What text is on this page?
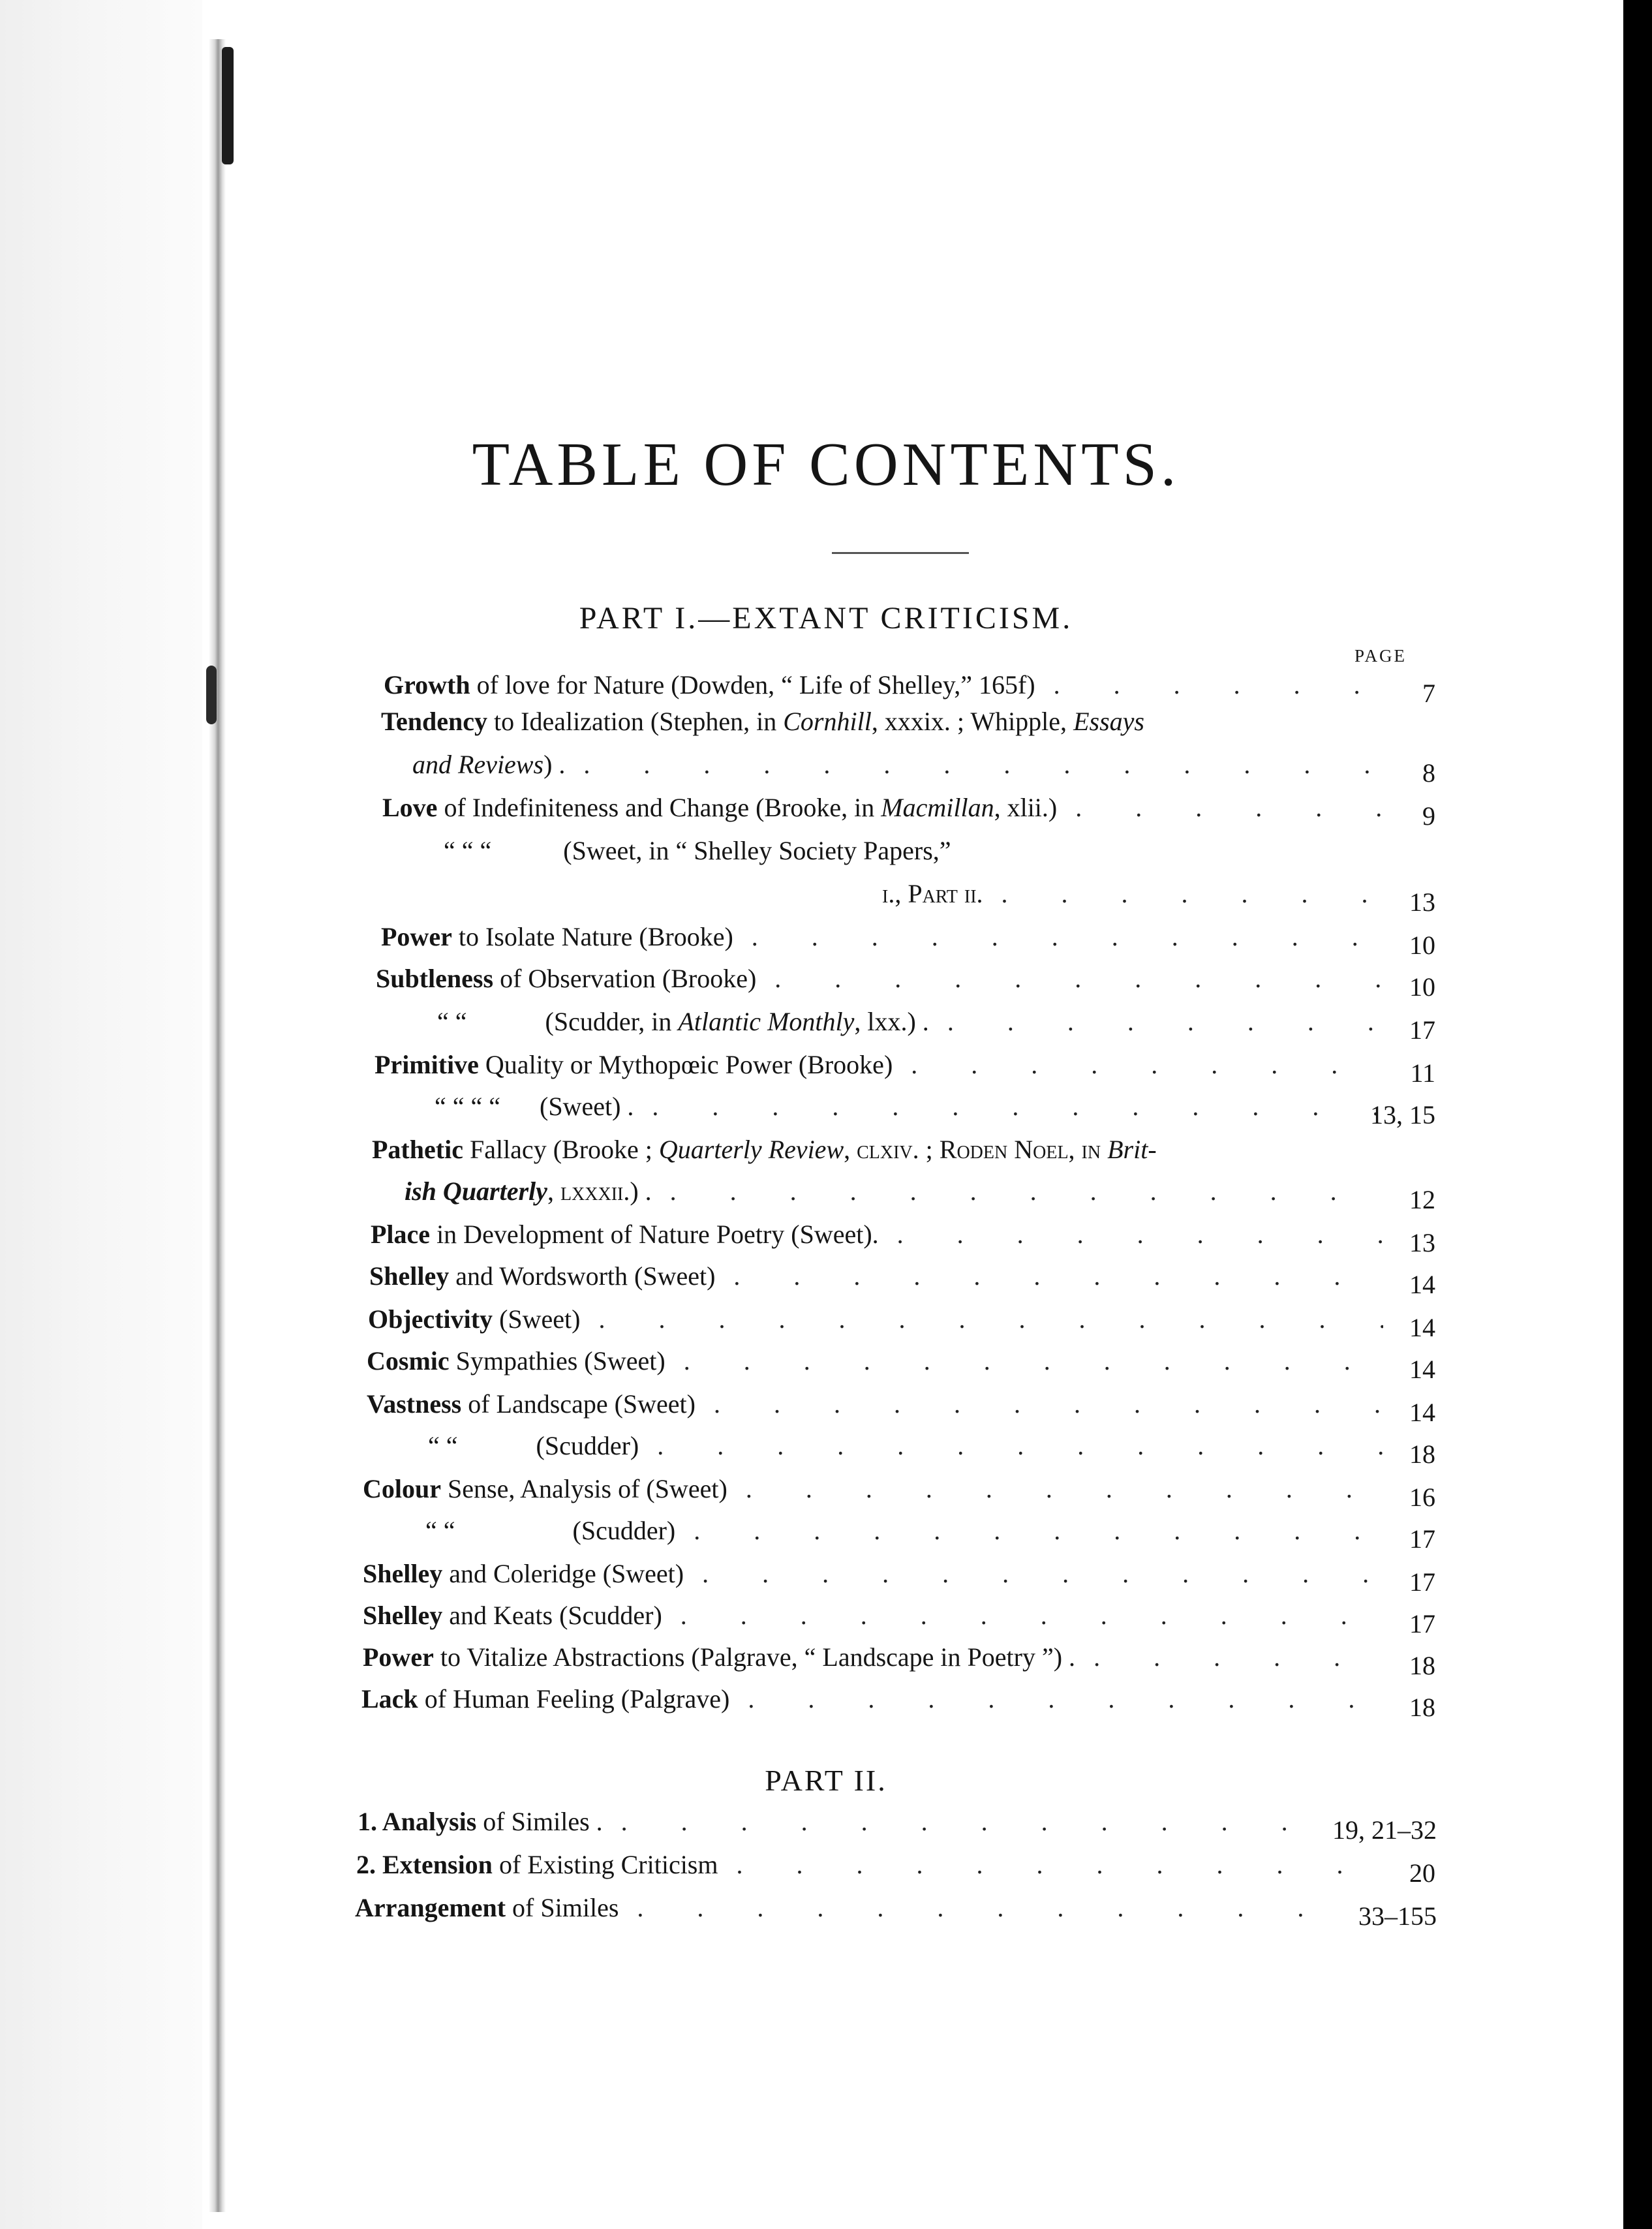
TABLE OF CONTENTS.
PART I.—EXTANT CRITICISM.
PAGE
Growth of love for Nature (Dowden, “ Life of Shelley,” 165f) . . .	7
Tendency to Idealization (Stephen, in Cornhill, xxxix. ; Whipple, Essays
and Reviews) . . . .	8
Love of Indefiniteness and Change (Brooke, in Macmillan, xlii.) . . .	9
“ “ “	(Sweet, in “ Shelley Society Papers,”
i., Part ii. . . .	13
Power to Isolate Nature (Brooke) . . .	10
Subtleness of Observation (Brooke) . . .	10
“ “	(Scudder, in Atlantic Monthly, lxx.) . . . .	17
Primitive Quality or Mythopœic Power (Brooke) . . .	11
“ “ “ “ (Sweet) . . . .	13, 15
Pathetic Fallacy (Brooke ; Quarterly Review, clxiv. ; Roden Noel, in Brit-
ish Quarterly, lxxxii.) . . . .	12
Place in Development of Nature Poetry (Sweet). . . .	13
Shelley and Wordsworth (Sweet) . . .	14
Objectivity (Sweet) . . .	14
Cosmic Sympathies (Sweet) . . .	14
Vastness of Landscape (Sweet) . . .	14
“ “	(Scudder) . . .	18
Colour Sense, Analysis of (Sweet) . . .	16
“ “	(Scudder) . . .	17
Shelley and Coleridge (Sweet) . . .	17
Shelley and Keats (Scudder) . . .	17
Power to Vitalize Abstractions (Palgrave, “ Landscape in Poetry ”) . . . .	18
Lack of Human Feeling (Palgrave) . . .	18
PART II.
1. Analysis of Similes . . . .	19, 21–32
2. Extension of Existing Criticism . . .	20
Arrangement of Similes . . .	33–155
